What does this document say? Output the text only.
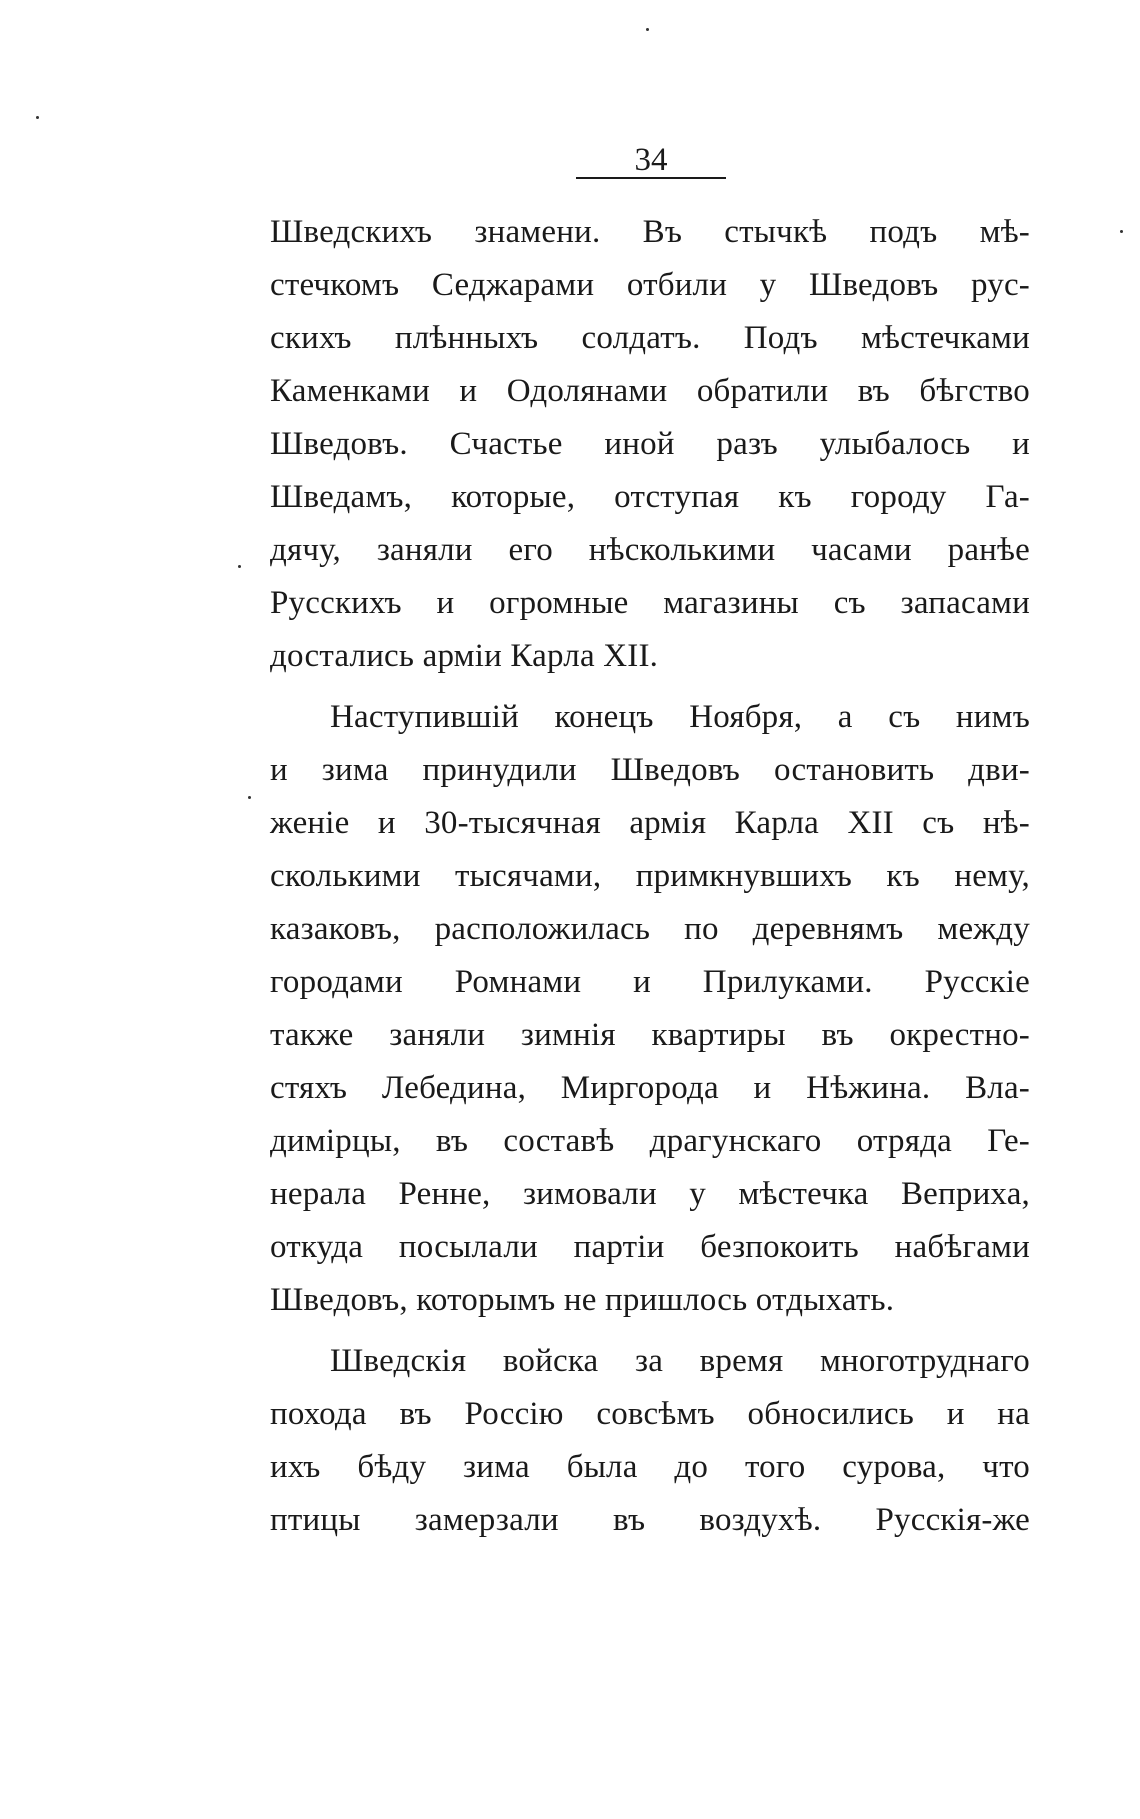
34
Шведскихъ знамени. Въ стычкѣ подъ мѣ-
стечкомъ Седжарами отбили у Шведовъ рус-
скихъ плѣнныхъ солдатъ. Подъ мѣстечками
Каменками и Одолянами обратили въ бѣгство
Шведовъ. Счастье иной разъ улыбалось и
Шведамъ, которые, отступая къ городу Га-
дячу, заняли его нѣсколькими часами ранѣе
Русскихъ и огромные магазины съ запасами
достались арміи Карла XII.
Наступившій конецъ Ноября, а съ нимъ
и зима принудили Шведовъ остановить дви-
женіе и 30-тысячная армія Карла XII съ нѣ-
сколькими тысячами, примкнувшихъ къ нему,
казаковъ, расположилась по деревнямъ между
городами Ромнами и Прилуками. Русскіе
также заняли зимнія квартиры въ окрестно-
стяхъ Лебедина, Миргорода и Нѣжина. Вла-
димірцы, въ составѣ драгунскаго отряда Ге-
нерала Ренне, зимовали у мѣстечка Веприха,
откуда посылали партіи безпокоить набѣгами
Шведовъ, которымъ не пришлось отдыхать.
Шведскія войска за время многотруднаго
похода въ Россію совсѣмъ обносились и на
ихъ бѣду зима была до того сурова, что
птицы замерзали въ воздухѣ. Русскія-же
